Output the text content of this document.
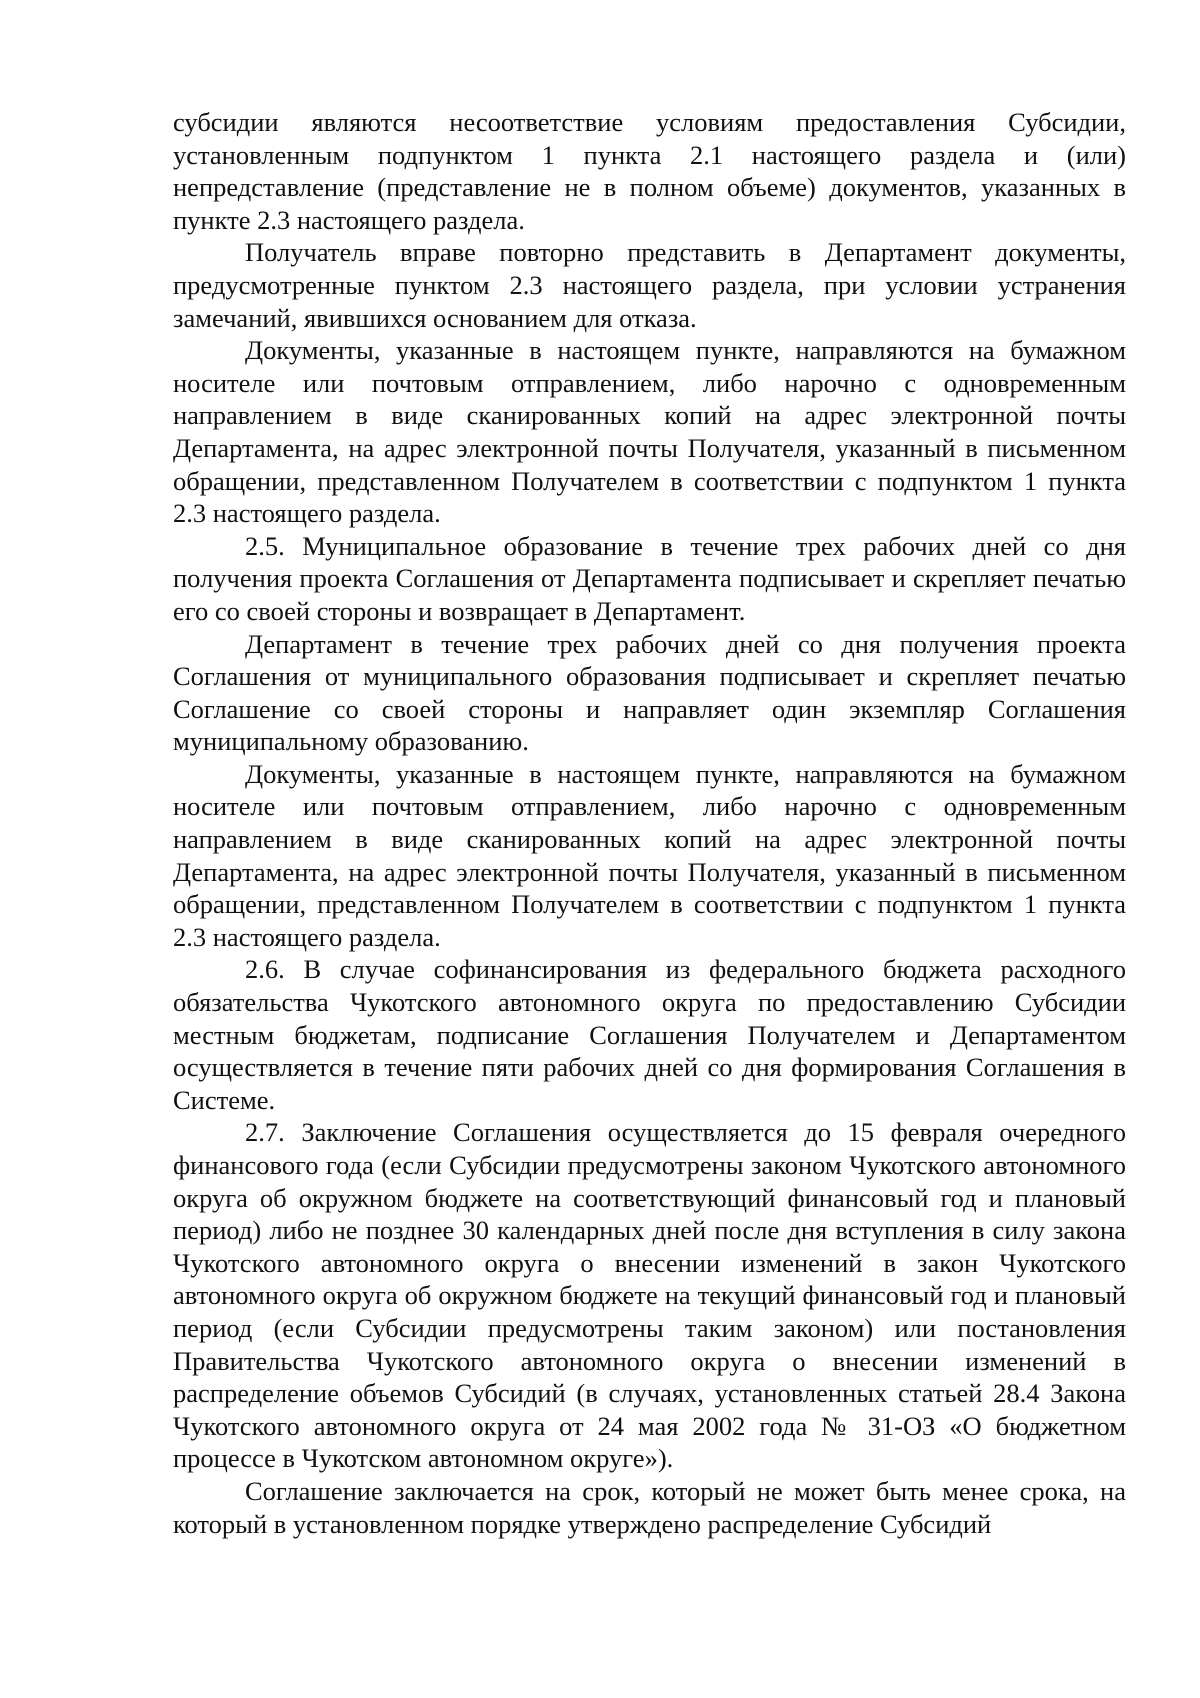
субсидии являются несоответствие условиям предоставления Субсидии, установленным подпунктом 1 пункта 2.1 настоящего раздела и (или) непредставление (представление не в полном объеме) документов, указанных в пункте 2.3 настоящего раздела.

Получатель вправе повторно представить в Департамент документы, предусмотренные пунктом 2.3 настоящего раздела, при условии устранения замечаний, явившихся основанием для отказа.

Документы, указанные в настоящем пункте, направляются на бумажном носителе или почтовым отправлением, либо нарочно с одновременным направлением в виде сканированных копий на адрес электронной почты Департамента, на адрес электронной почты Получателя, указанный в письменном обращении, представленном Получателем в соответствии с подпунктом 1 пункта 2.3 настоящего раздела.

2.5. Муниципальное образование в течение трех рабочих дней со дня получения проекта Соглашения от Департамента подписывает и скрепляет печатью его со своей стороны и возвращает в Департамент.

Департамент в течение трех рабочих дней со дня получения проекта Соглашения от муниципального образования подписывает и скрепляет печатью Соглашение со своей стороны и направляет один экземпляр Соглашения муниципальному образованию.

Документы, указанные в настоящем пункте, направляются на бумажном носителе или почтовым отправлением, либо нарочно с одновременным направлением в виде сканированных копий на адрес электронной почты Департамента, на адрес электронной почты Получателя, указанный в письменном обращении, представленном Получателем в соответствии с подпунктом 1 пункта 2.3 настоящего раздела.

2.6. В случае софинансирования из федерального бюджета расходного обязательства Чукотского автономного округа по предоставлению Субсидии местным бюджетам, подписание Соглашения Получателем и Департаментом осуществляется в течение пяти рабочих дней со дня формирования Соглашения в Системе.

2.7. Заключение Соглашения осуществляется до 15 февраля очередного финансового года (если Субсидии предусмотрены законом Чукотского автономного округа об окружном бюджете на соответствующий финансовый год и плановый период) либо не позднее 30 календарных дней после дня вступления в силу закона Чукотского автономного округа о внесении изменений в закон Чукотского автономного округа об окружном бюджете на текущий финансовый год и плановый период (если Субсидии предусмотрены таким законом) или постановления Правительства Чукотского автономного округа о внесении изменений в распределение объемов Субсидий (в случаях, установленных статьей 28.4 Закона Чукотского автономного округа от 24 мая 2002 года № 31-ОЗ «О бюджетном процессе в Чукотском автономном округе»).

Соглашение заключается на срок, который не может быть менее срока, на который в установленном порядке утверждено распределение Субсидий
